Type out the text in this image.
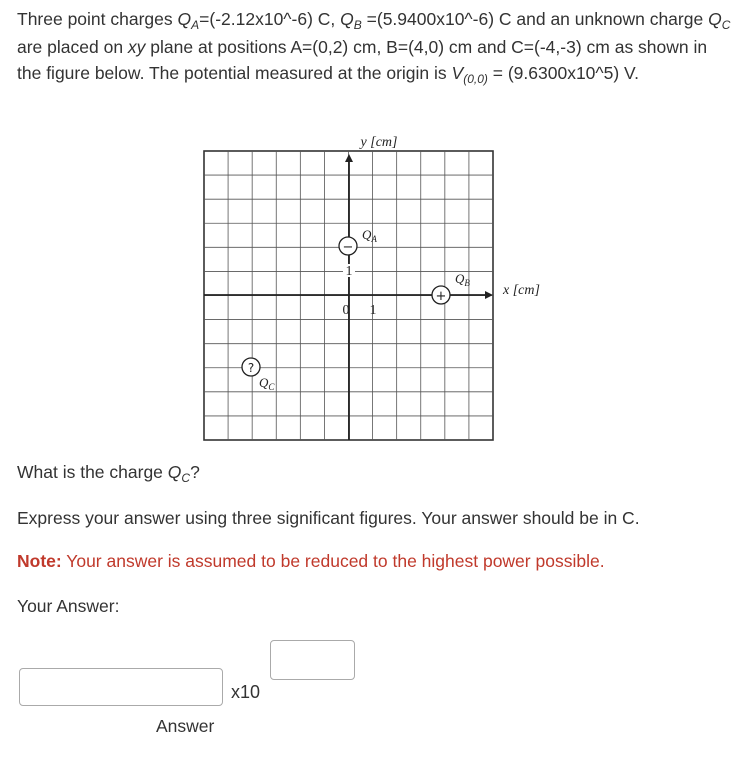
Three point charges $Q_A=(-2.12x10\^{}-6)$ C, $Q_B$ =(5.9400x10^-6) C and an unknown charge $Q_C$ are placed on xy plane at positions A=(0,2) cm, B=(4,0) cm and C=(-4,-3) cm as shown in the figure below. The potential measured at the origin is $V_{(0,0)}$ = (9.6300x10^5) V.
y [cm]
x [cm]
0 1
1
−
$Q_A$
+
$Q_B$
?
$Q_C$
What is the charge $Q_C$?
Express your answer using three significant figures. Your answer should be in C.
Note: Your answer is assumed to be reduced to the highest power possible.
Your Answer:
x10
Answer
